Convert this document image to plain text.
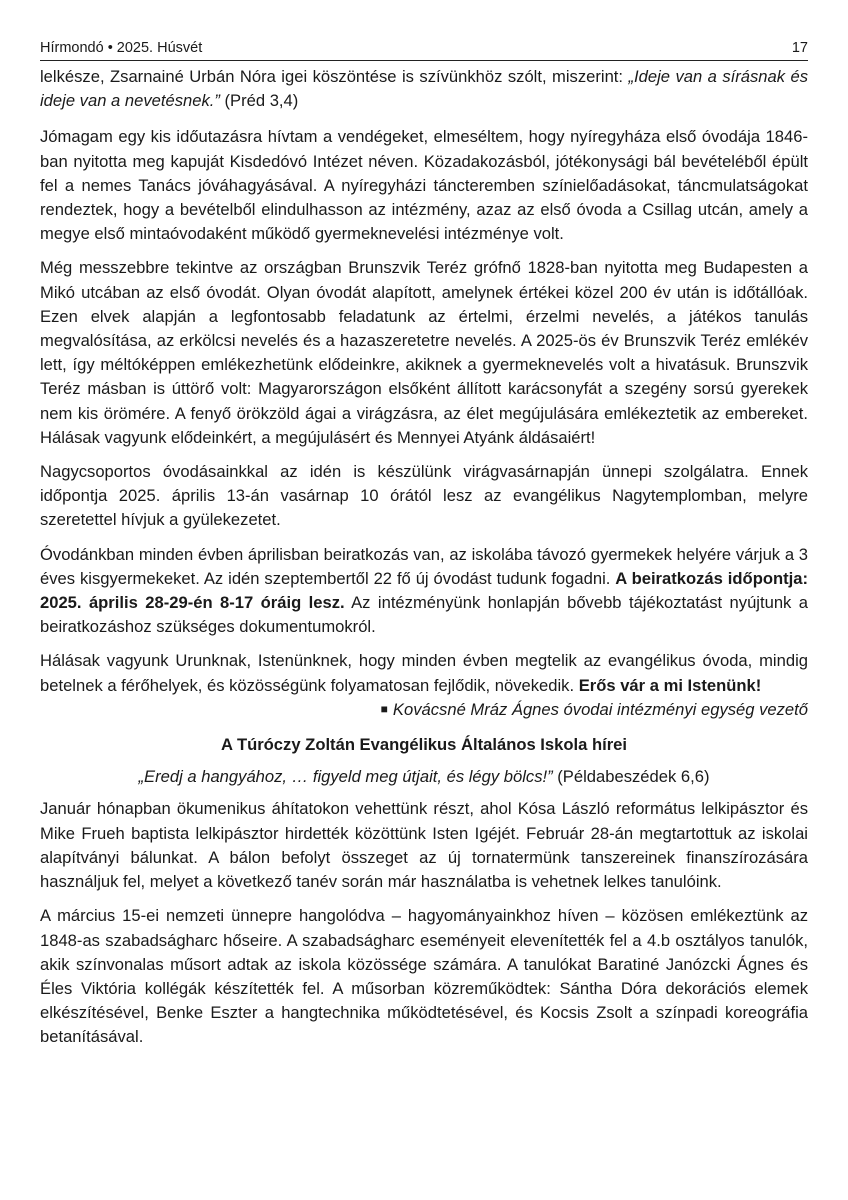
Hírmondó • 2025. Húsvét	17

lelkésze, Zsarnainé Urbán Nóra igei köszöntése is szívünkhöz szólt, miszerint: „Ideje van a sírásnak és ideje van a nevetésnek.” (Préd 3,4)

Jómagam egy kis időutazásra hívtam a vendégeket, elmeséltem, hogy nyíregyháza első óvodája 1846-ban nyitotta meg kapuját Kisdedóvó Intézet néven. Közadakozásból, jótékonysági bál bevételéből épült fel a nemes Tanács jóváhagyásával. A nyíregyházi táncteremben színielőadásokat, táncmulatságokat rendeztek, hogy a bevételből elindulhasson az intézmény, azaz az első óvoda a Csillag utcán, amely a megye első mintaóvodaként működő gyermeknevelési intézménye volt.

Még messzebbre tekintve az országban Brunszvik Teréz grófnő 1828-ban nyitotta meg Budapesten a Mikó utcában az első óvodát. Olyan óvodát alapított, amelynek értékei közel 200 év után is időtállóak. Ezen elvek alapján a legfontosabb feladatunk az értelmi, érzelmi nevelés, a játékos tanulás megvalósítása, az erkölcsi nevelés és a hazaszeretetre nevelés. A 2025-ös év Brunszvik Teréz emlékév lett, így méltóképpen emlékezhetünk elődeinkre, akiknek a gyermeknevelés volt a hivatásuk. Brunszvik Teréz másban is úttörő volt: Magyarországon elsőként állított karácsonyfát a szegény sorsú gyerekek nem kis örömére. A fenyő örökzöld ágai a virágzásra, az élet megújulására emlékeztetik az embereket. Hálásak vagyunk elődeinkért, a megújulásért és Mennyei Atyánk áldásaiért!

Nagycsoportos óvodásainkkal az idén is készülünk virágvasárnapján ünnepi szolgálatra. Ennek időpontja 2025. április 13-án vasárnap 10 órától lesz az evangélikus Nagytemplomban, melyre szeretettel hívjuk a gyülekezetet.

Óvodánkban minden évben áprilisban beiratkozás van, az iskolába távozó gyermekek helyére várjuk a 3 éves kisgyermekeket. Az idén szeptembertől 22 fő új óvodást tudunk fogadni. A beiratkozás időpontja: 2025. április 28-29-én 8-17 óráig lesz. Az intézményünk honlapján bővebb tájékoztatást nyújtunk a beiratkozáshoz szükséges dokumentumokról.

Hálásak vagyunk Urunknak, Istenünknek, hogy minden évben megtelik az evangélikus óvoda, mindig betelnek a férőhelyek, és közösségünk folyamatosan fejlődik, növekedik. Erős vár a mi Istenünk!

■ Kovácsné Mráz Ágnes óvodai intézményi egység vezető
A Túróczy Zoltán Evangélikus Általános Iskola hírei
„Eredj a hangyához, … figyeld meg útjait, és légy bölcs!” (Példabeszédek 6,6)

Január hónapban ökumenikus áhítatokon vehettünk részt, ahol Kósa László református lelkipásztor és Mike Frueh baptista lelkipásztor hirdették közöttünk Isten Igéjét. Február 28-án megtartottuk az iskolai alapítványi bálunkat. A bálon befolyt összeget az új tornatermünk tanszereinek finanszírozására használjuk fel, melyet a következő tanév során már használatba is vehetnek lelkes tanulóink.

A március 15-ei nemzeti ünnepre hangolódva – hagyományainkhoz híven – közösen emlékeztünk az 1848-as szabadságharc hőseire. A szabadságharc eseményeit elevenítették fel a 4.b osztályos tanulók, akik színvonalas műsort adtak az iskola közössége számára. A tanulókat Baratiné Janózcki Ágnes és Éles Viktória kollégák készítették fel. A műsorban közreműködtek: Sántha Dóra dekorációs elemek elkészítésével, Benke Eszter a hangtechnika működtetésével, és Kocsis Zsolt a színpadi koreográfia betanításával.
